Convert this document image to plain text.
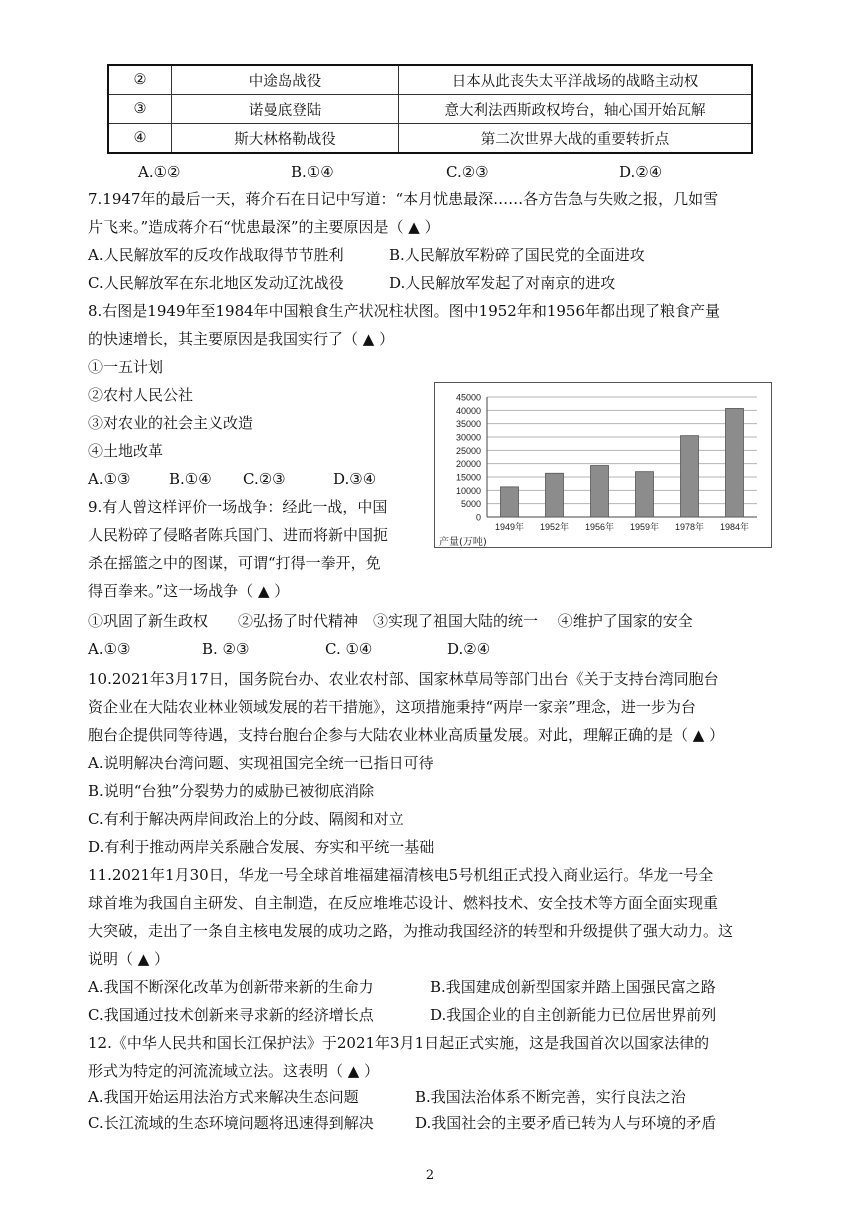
②	中途岛战役	日本从此丧失太平洋战场的战略主动权
③	诺曼底登陆	意大利法西斯政权垮台，轴心国开始瓦解
④	斯大林格勒战役	第二次世界大战的重要转折点
A.①②	B.①④	C.②③	D.②④
7.1947年的最后一天，蒋介石在日记中写道：“本月忧患最深……各方告急与失败之报，几如雪
片飞来。”造成蒋介石“忧患最深”的主要原因是（ ▲ ）
A.人民解放军的反攻作战取得节节胜利	B.人民解放军粉碎了国民党的全面进攻
C.人民解放军在东北地区发动辽沈战役	D.人民解放军发起了对南京的进攻
8.右图是1949年至1984年中国粮食生产状况柱状图。图中1952年和1956年都出现了粮食产量
的快速增长，其主要原因是我国实行了（ ▲ ）
①一五计划
②农村人民公社
③对农业的社会主义改造
④土地改革
A.①③	B.①④ C.②③	D.③④
0
5000
10000
15000
20000
25000
30000
35000
40000
45000
1949年 1952年 1956年 1959年 1978年 1984年
产量(万吨)
9.有人曾这样评价一场战争：经此一战，中国
人民粉碎了侵略者陈兵国门、进而将新中国扼
杀在摇篮之中的图谋，可谓“打得一拳开，免
得百拳来。”这一场战争（ ▲ ）
①巩固了新生政权　　②弘扬了时代精神　③实现了祖国大陆的统一　 ④维护了国家的安全
A.①③	B. ②③	C. ①④	D.②④
10.2021年3月17日，国务院台办、农业农村部、国家林草局等部门出台《关于支持台湾同胞台
资企业在大陆农业林业领域发展的若干措施》，这项措施秉持“两岸一家亲”理念，进一步为台
胞台企提供同等待遇，支持台胞台企参与大陆农业林业高质量发展。对此，理解正确的是（ ▲ ）
A.说明解决台湾问题、实现祖国完全统一已指日可待
B.说明“台独”分裂势力的威胁已被彻底消除
C.有利于解决两岸间政治上的分歧、隔阂和对立
D.有利于推动两岸关系融合发展、夯实和平统一基础
11.2021年1月30日，华龙一号全球首堆福建福清核电5号机组正式投入商业运行。华龙一号全
球首堆为我国自主研发、自主制造，在反应堆堆芯设计、燃料技术、安全技术等方面全面实现重
大突破，走出了一条自主核电发展的成功之路，为推动我国经济的转型和升级提供了强大动力。这
说明（ ▲ ）
A.我国不断深化改革为创新带来新的生命力	B.我国建成创新型国家并踏上国强民富之路
C.我国通过技术创新来寻求新的经济增长点	D.我国企业的自主创新能力已位居世界前列
12.《中华人民共和国长江保护法》于2021年3月1日起正式实施，这是我国首次以国家法律的
形式为特定的河流流域立法。这表明（ ▲ ）
A.我国开始运用法治方式来解决生态问题	B.我国法治体系不断完善，实行良法之治
C.长江流域的生态环境问题将迅速得到解决	D.我国社会的主要矛盾已转为人与环境的矛盾
2
